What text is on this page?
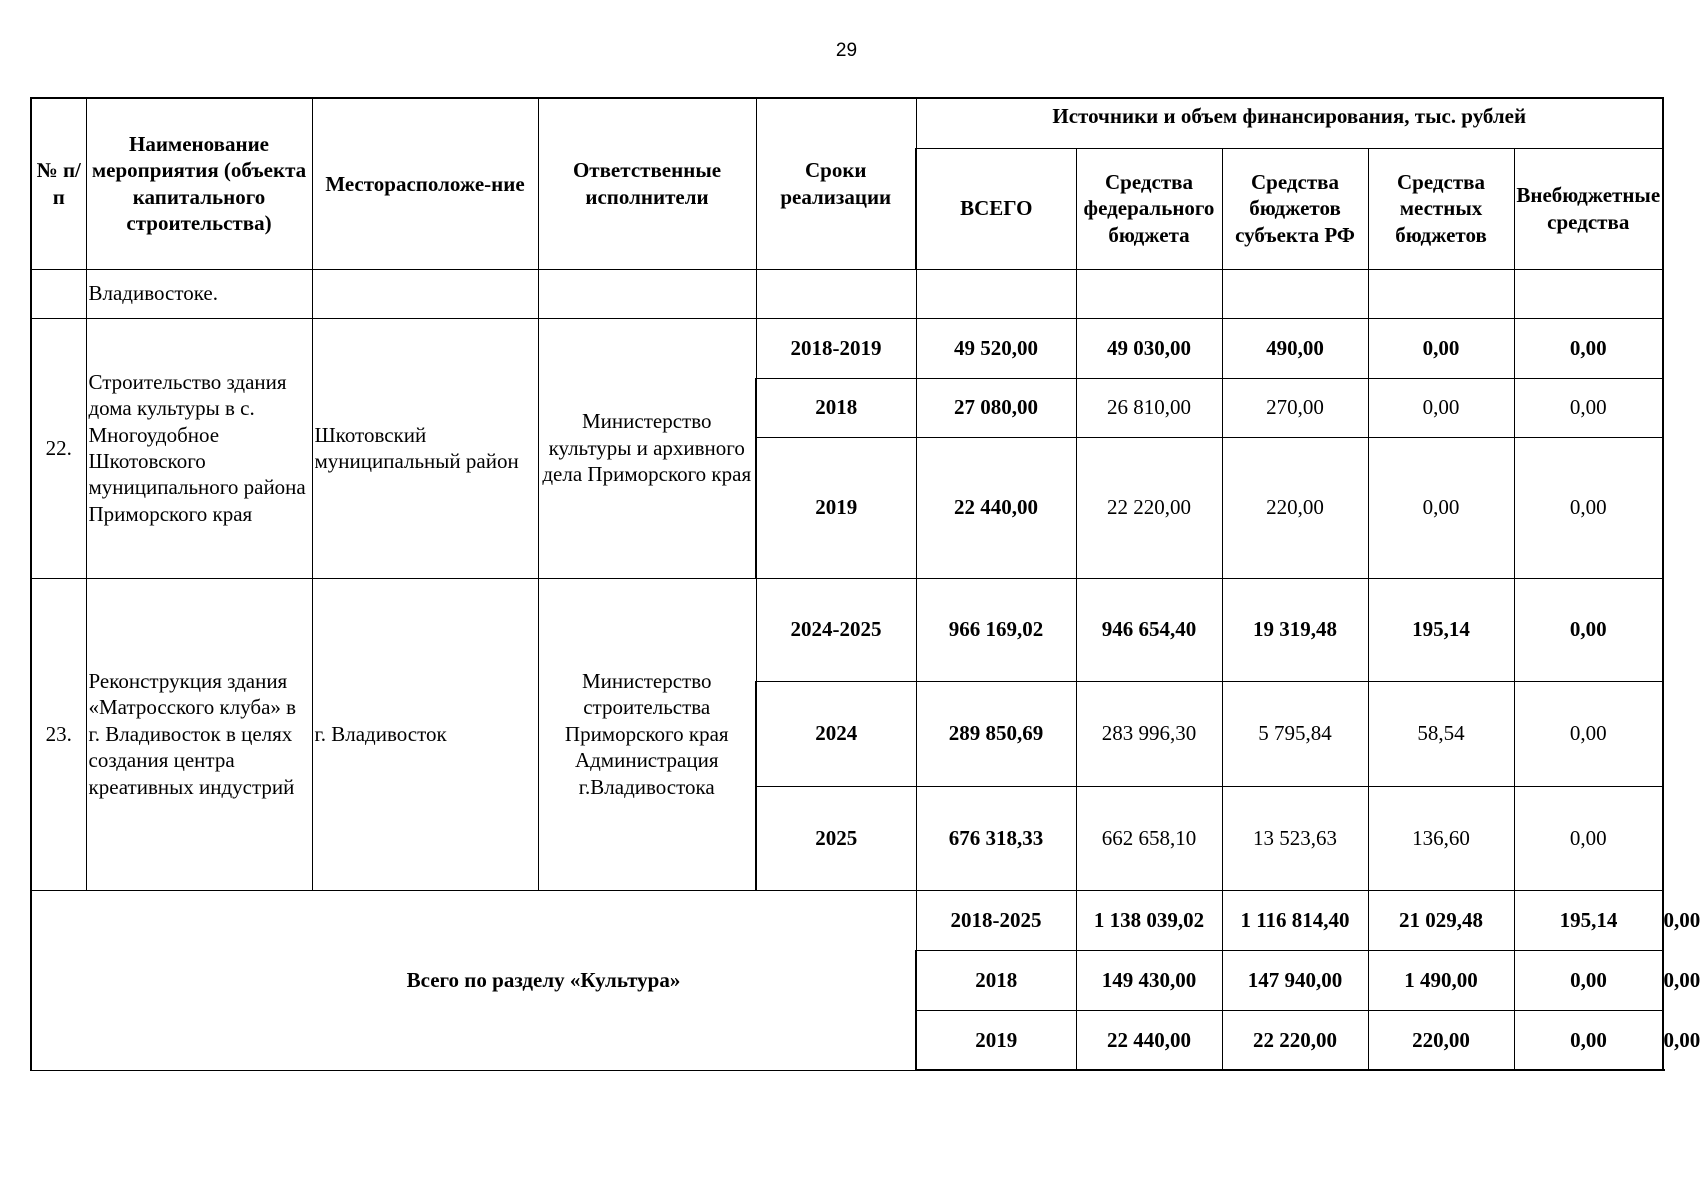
29
№ п/п	Наименование мероприятия (объекта капитального строительства)	Месторасположе-ние	Ответственные исполнители	Сроки реализации	Источники и объем финансирования, тыс. рублей					
					ВСЕГО	Средства федерального бюджета	Средства бюджетов субъекта РФ	Средства местных бюджетов	Внебюджетные средства	
	Владивостоке.									
22.	Строительство здания дома культуры в с. Многоудобное Шкотовского муниципального района Приморского края	Шкотовский муниципальный район	Министерство культуры и архивного дела Приморского края	2018-2019	49 520,00	49 030,00	490,00	0,00	0,00	
				2018	27 080,00	26 810,00	270,00	0,00	0,00	
				2019	22 440,00	22 220,00	220,00	0,00	0,00	
23.	Реконструкция здания «Матросского клуба» в г. Владивосток в целях создания центра креативных индустрий	г. Владивосток	Министерство строительства Приморского края Администрация г.Владивостока	2024-2025	966 169,02	946 654,40	19 319,48	195,14	0,00	
				2024	289 850,69	283 996,30	5 795,84	58,54	0,00	
				2025	676 318,33	662 658,10	13 523,63	136,60	0,00	
Всего по разделу «Культура»					2018-2025	1 138 039,02	1 116 814,40	21 029,48	195,14	0,00
					2018	149 430,00	147 940,00	1 490,00	0,00	0,00
					2019	22 440,00	22 220,00	220,00	0,00	0,00
